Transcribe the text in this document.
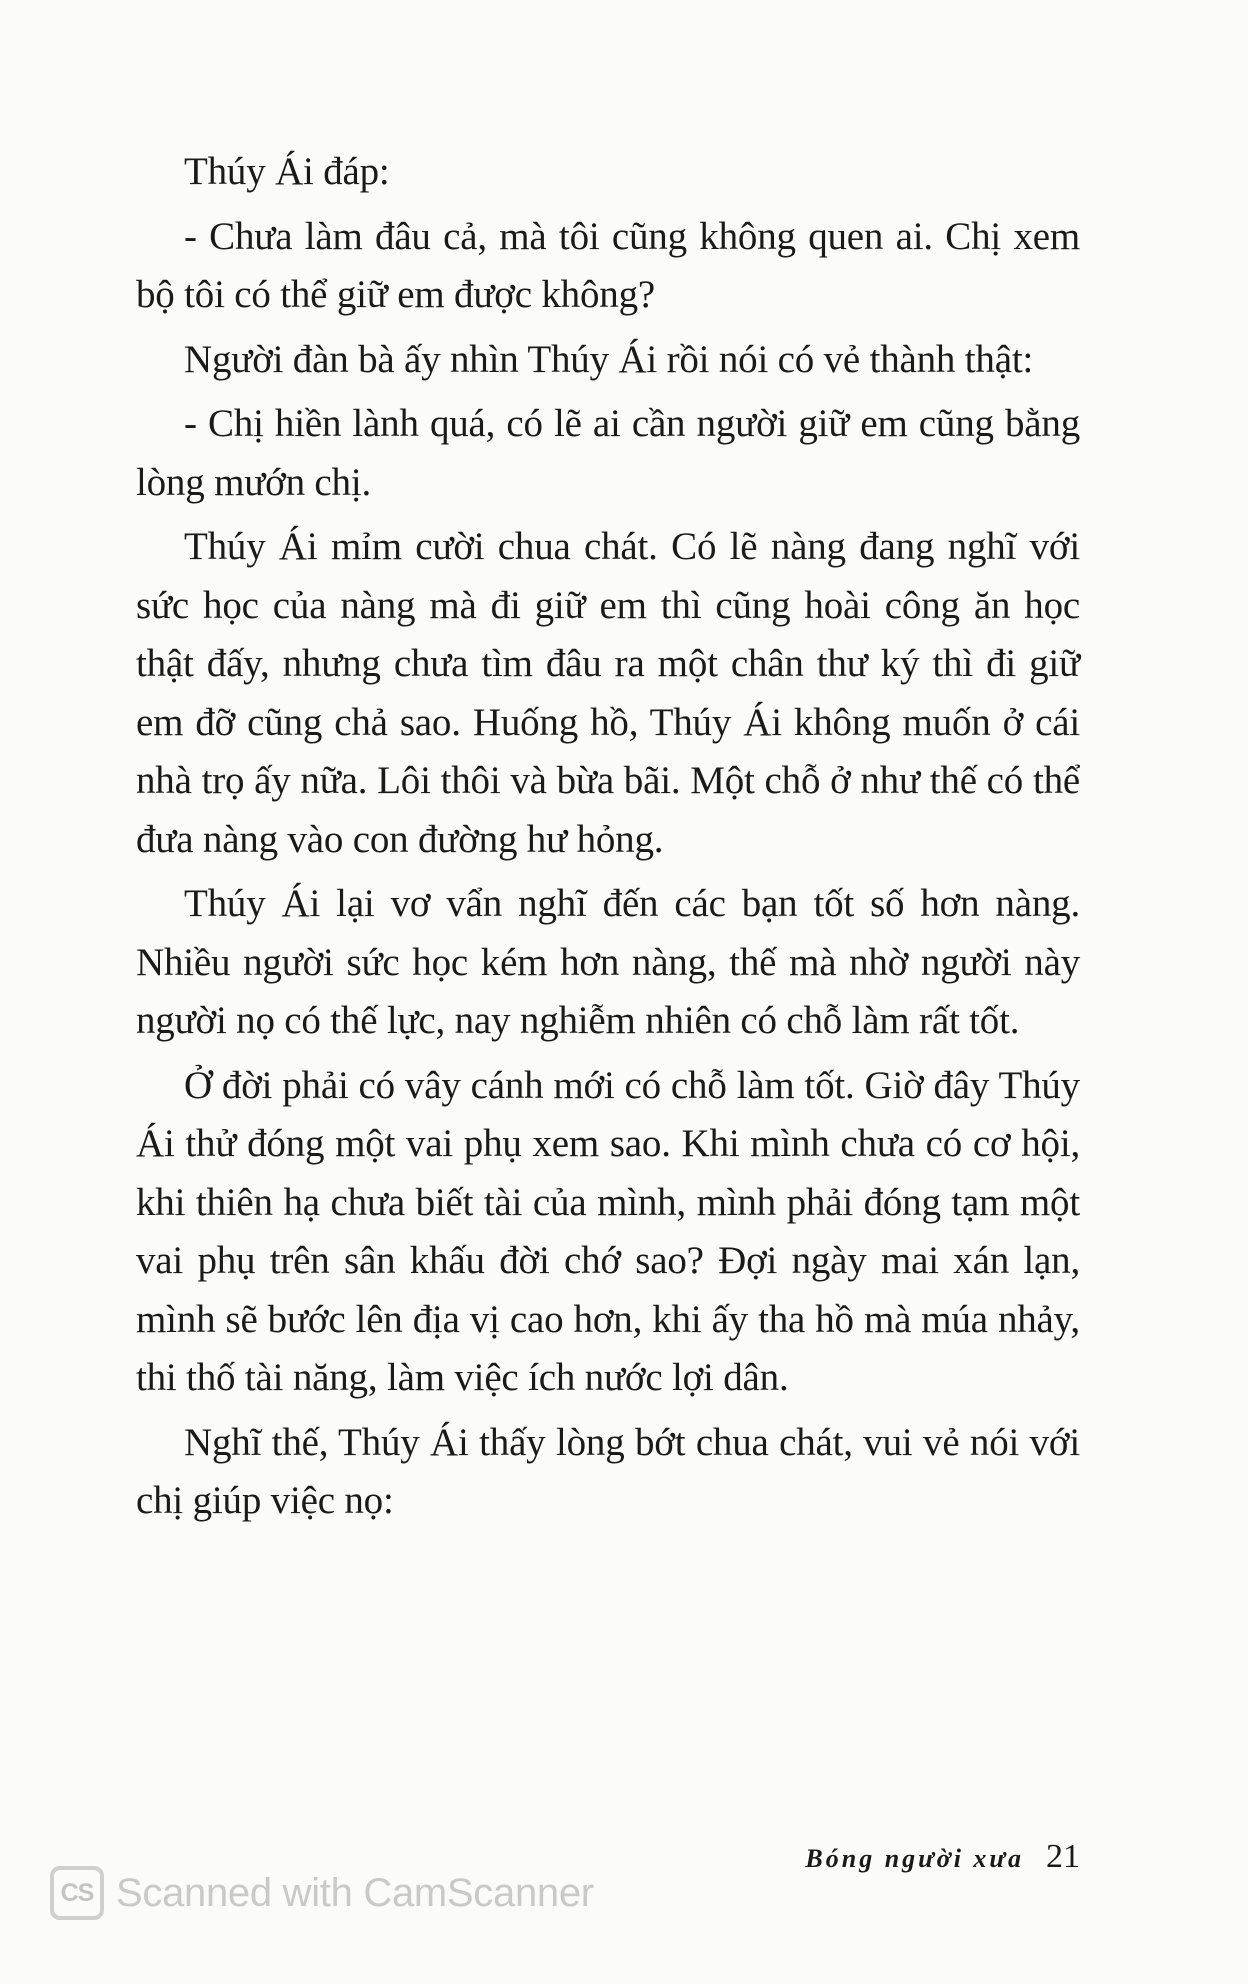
Thúy Ái đáp:

- Chưa làm đâu cả, mà tôi cũng không quen ai. Chị xem bộ tôi có thể giữ em được không?

Người đàn bà ấy nhìn Thúy Ái rồi nói có vẻ thành thật:

- Chị hiền lành quá, có lẽ ai cần người giữ em cũng bằng lòng mướn chị.

Thúy Ái mỉm cười chua chát. Có lẽ nàng đang nghĩ với sức học của nàng mà đi giữ em thì cũng hoài công ăn học thật đấy, nhưng chưa tìm đâu ra một chân thư ký thì đi giữ em đỡ cũng chả sao. Huống hồ, Thúy Ái không muốn ở cái nhà trọ ấy nữa. Lôi thôi và bừa bãi. Một chỗ ở như thế có thể đưa nàng vào con đường hư hỏng.

Thúy Ái lại vơ vẩn nghĩ đến các bạn tốt số hơn nàng. Nhiều người sức học kém hơn nàng, thế mà nhờ người này người nọ có thế lực, nay nghiễm nhiên có chỗ làm rất tốt.

Ở đời phải có vây cánh mới có chỗ làm tốt. Giờ đây Thúy Ái thử đóng một vai phụ xem sao. Khi mình chưa có cơ hội, khi thiên hạ chưa biết tài của mình, mình phải đóng tạm một vai phụ trên sân khấu đời chớ sao? Đợi ngày mai xán lạn, mình sẽ bước lên địa vị cao hơn, khi ấy tha hồ mà múa nhảy, thi thố tài năng, làm việc ích nước lợi dân.

Nghĩ thế, Thúy Ái thấy lòng bớt chua chát, vui vẻ nói với chị giúp việc nọ:

Bóng người xưa 21
CS Scanned with CamScanner
